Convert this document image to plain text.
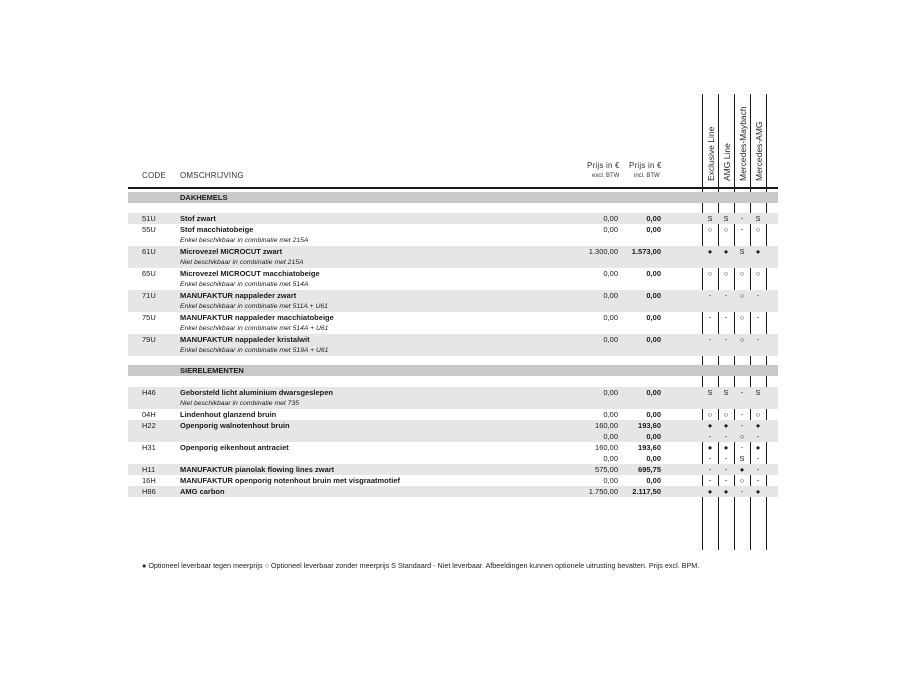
CODE OMSCHRIJVING
Prijs in €
excl. BTW
Prijs in €
incl. BTW	Exclusive Line AMG Line Mercedes-Maybach Mercedes-AMG
DAKHEMELS
51U	Stof zwart	0,00	0,00	S	S	-	S
55U	Stof macchiatobeige	0,00	0,00	○	○	-	○
Enkel beschikbaar in combinatie met 215A
61U	Microvezel MICROCUT zwart	1.300,00 1.573,00	●	●	S	●
Niet beschikbaar in combinatie met 215A
65U	Microvezel MICROCUT macchiatobeige	0,00	0,00	○	○	○	○
Enkel beschikbaar in combinatie met 514A
71U	MANUFAKTUR nappaleder zwart	0,00	0,00	-	-	○	-
Enkel beschikbaar in combinatie met 511A + U61
75U	MANUFAKTUR nappaleder macchiatobeige	0,00	0,00	-	-	○	-
Enkel beschikbaar in combinatie met 514A + U61
79U	MANUFAKTUR nappaleder kristalwit	0,00	0,00	-	-	○	-
Enkel beschikbaar in combinatie met 519A + U61
SIERELEMENTEN
H46	Geborsteld licht aluminium dwarsgeslepen	0,00	0,00	S	S	-	S
Niet beschikbaar in combinatie met 735
04H	Lindenhout glanzend bruin	0,00	0,00	○	○	-	○
H22	Openporig walnotenhout bruin	160,00	193,60	●	●	-	●
0,00	0,00	-	-	○	-
H31	Openporig eikenhout antraciet	160,00	193,60	●	●	-	●
0,00	0,00	-	-	S	-
H11	MANUFAKTUR pianolak flowing lines zwart	575,00	695,75	-	-	●	-
16H	MANUFAKTUR openporig notenhout bruin met visgraatmotief	0,00	0,00	-	-	○	-
H86	AMG carbon	1.750,00 2.117,50	●	●	-	●
● Optioneel leverbaar tegen meerprijs ○ Optioneel leverbaar zonder meerprijs S Standaard - Niet leverbaar. Afbeeldingen kunnen optionele uitrusting bevatten. Prijs excl. BPM.
